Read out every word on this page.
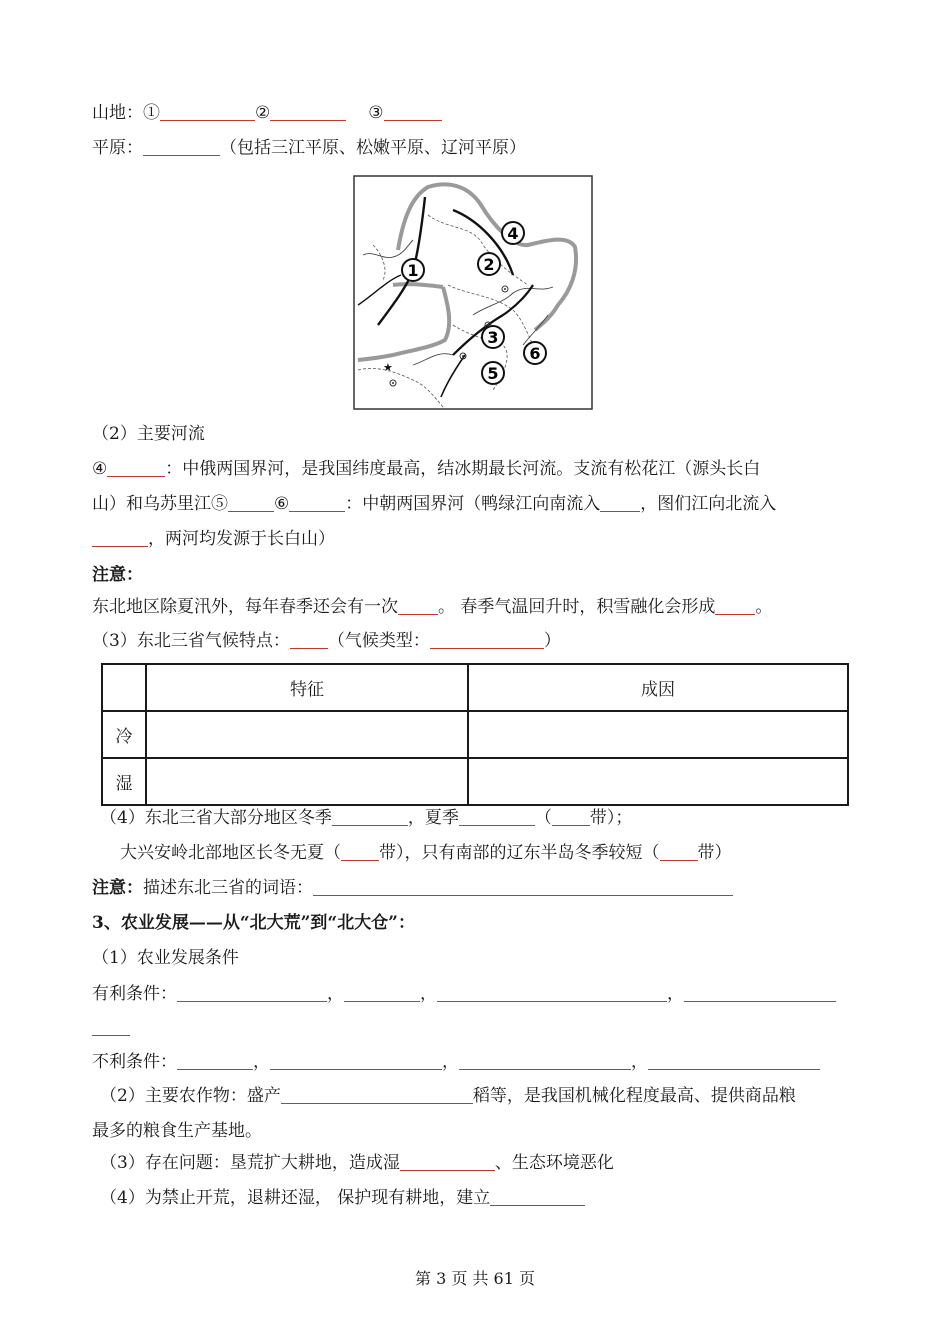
山地：①	②	③
平原：	（包括三江平原、松嫩平原、辽河平原）
★
1	2
3
4
5
6
（2）主要河流
④	：中俄两国界河，是我国纬度最高，结冰期最长河流。支流有松花江（源头长白
山）和乌苏里江⑤	⑥	：中朝两国界河（鸭绿江向南流入 ，图们江向北流入
，两河均发源于长白山）
注意：
东北地区除夏汛外，每年春季还会有一次 。 春季气温回升时，积雪融化会形成 。
（3）东北三省气候特点： （气候类型：	）
	特征	成因
冷		
湿		
（4）东北三省大部分地区冬季	，夏季	（ 带）；
大兴安岭北部地区长冬无夏（ 带），只有南部的辽东半岛冬季较短（ 带）
注意：描述东北三省的词语：
3、农业发展——从“北大荒”到“北大仓”：
（1）农业发展条件
有利条件：	，	，	，
不利条件：	，	，	，
（2）主要农作物：盛产	稻等，是我国机械化程度最高、提供商品粮
最多的粮食生产基地。
（3）存在问题：垦荒扩大耕地，造成湿	、生态环境恶化
（4）为禁止开荒，退耕还湿， 保护现有耕地，建立
第 3 页 共 61 页
